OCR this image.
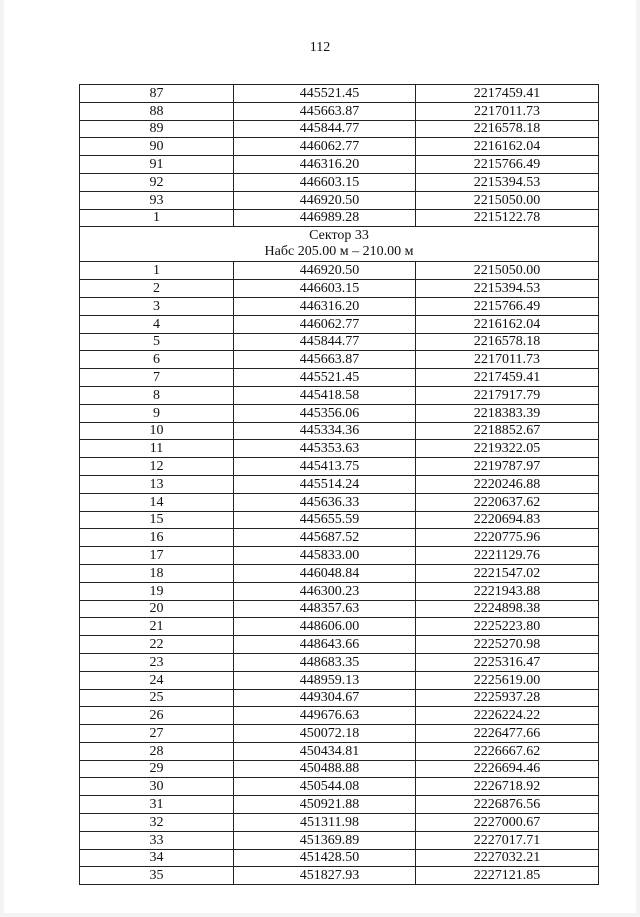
112
87	445521.45	2217459.41
88	445663.87	2217011.73
89	445844.77	2216578.18
90	446062.77	2216162.04
91	446316.20	2215766.49
92	446603.15	2215394.53
93	446920.50	2215050.00
1	446989.28	2215122.78

Сектор 33
Набс 205.00 м – 210.00 м		

1	446920.50	2215050.00
2	446603.15	2215394.53
3	446316.20	2215766.49
4	446062.77	2216162.04
5	445844.77	2216578.18
6	445663.87	2217011.73
7	445521.45	2217459.41
8	445418.58	2217917.79
9	445356.06	2218383.39
10	445334.36	2218852.67
11	445353.63	2219322.05
12	445413.75	2219787.97
13	445514.24	2220246.88
14	445636.33	2220637.62
15	445655.59	2220694.83
16	445687.52	2220775.96
17	445833.00	2221129.76
18	446048.84	2221547.02
19	446300.23	2221943.88
20	448357.63	2224898.38
21	448606.00	2225223.80
22	448643.66	2225270.98
23	448683.35	2225316.47
24	448959.13	2225619.00
25	449304.67	2225937.28
26	449676.63	2226224.22
27	450072.18	2226477.66
28	450434.81	2226667.62
29	450488.88	2226694.46
30	450544.08	2226718.92
31	450921.88	2226876.56
32	451311.98	2227000.67
33	451369.89	2227017.71
34	451428.50	2227032.21
35	451827.93	2227121.85
